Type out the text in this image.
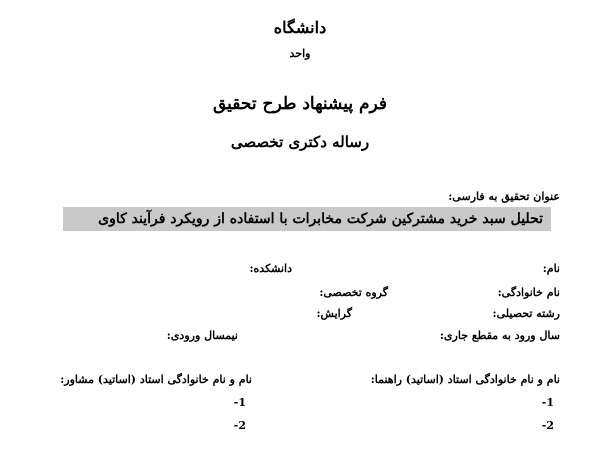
دانشگاه
واحد
فرم پیشنهاد طرح تحقیق
رساله دکتری تخصصی
عنوان تحقیق به فارسی:
تحلیل سبد خرید مشترکین شرکت مخابرات با استفاده از رویکرد فرآیند کاوی
نام:
دانشکده:
نام خانوادگی:
گروه تخصصی:
رشته تحصیلی:
گرایش:
سال ورود به مقطع جاری:
نیمسال ورودی:
نام و نام خانوادگی استاد (اساتید) راهنما:
نام و نام خانوادگی استاد (اساتید) مشاور:
1-
2-
1-
2-
